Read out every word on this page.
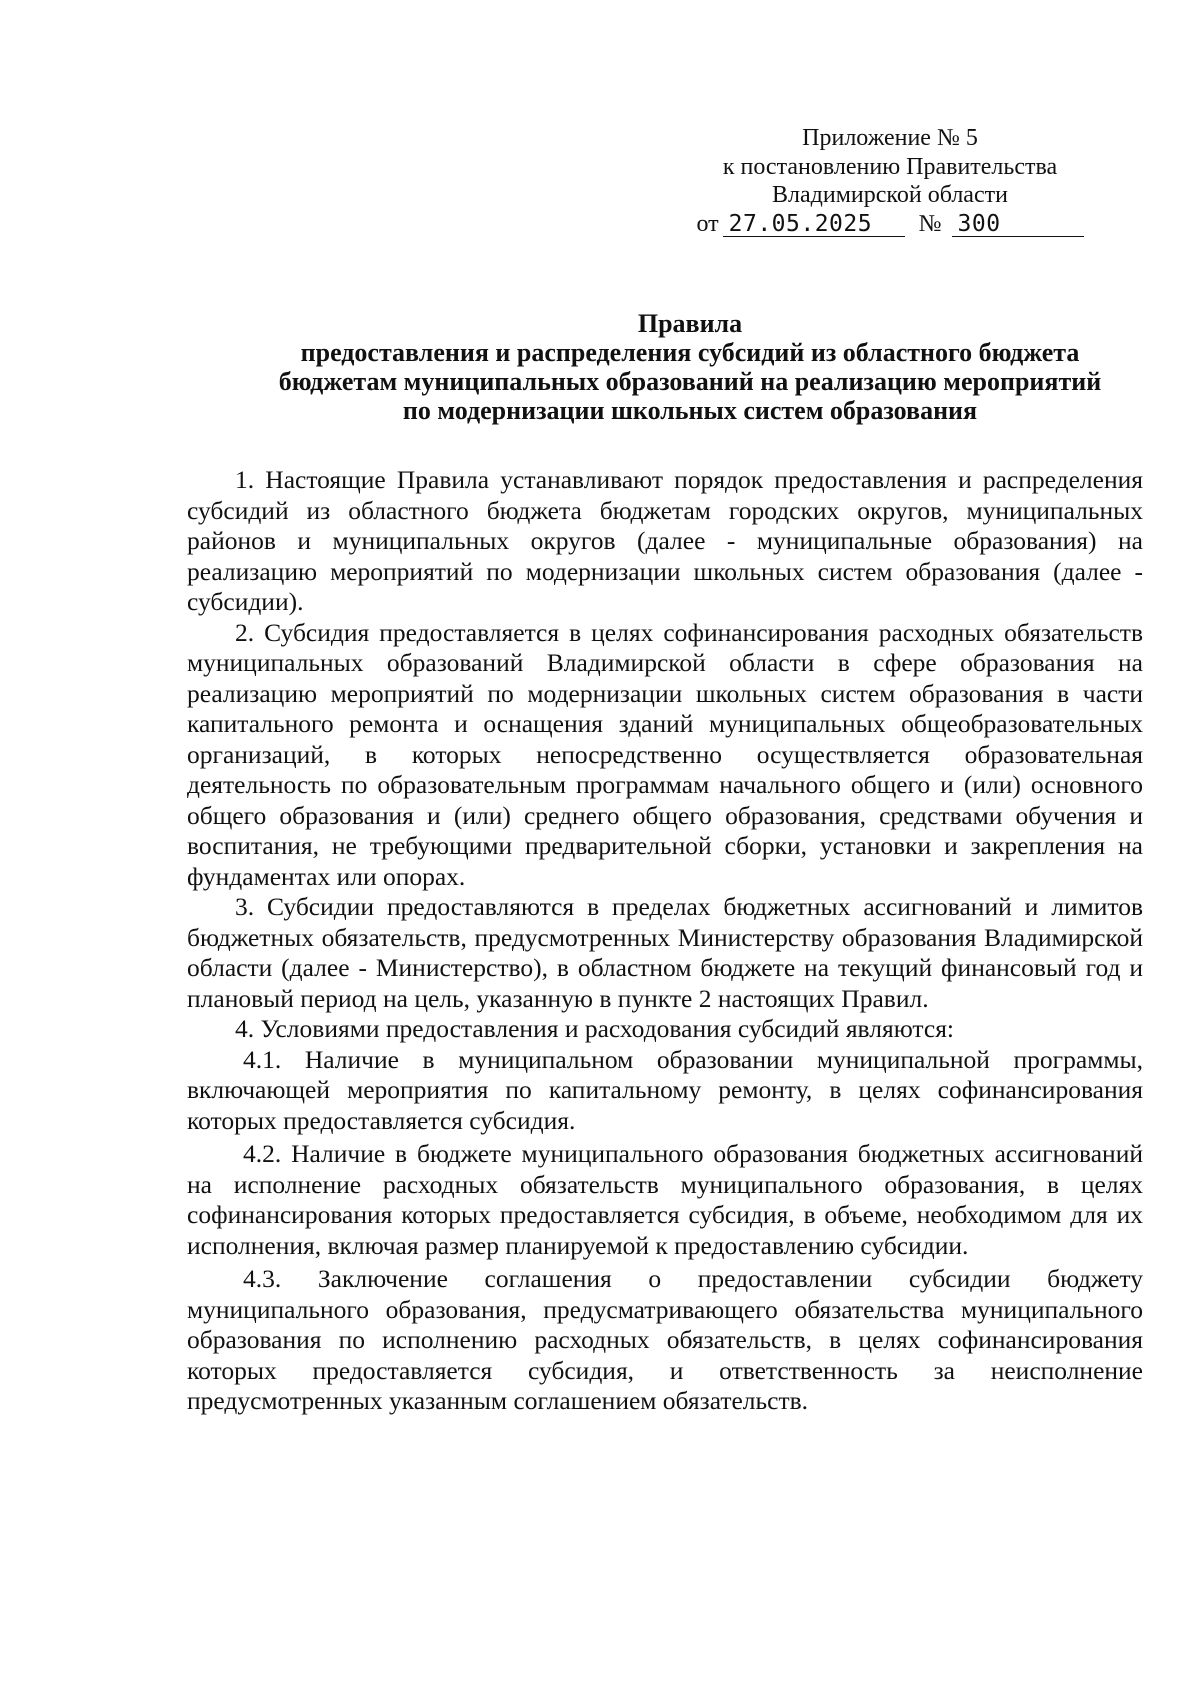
Приложение № 5
к постановлению Правительства
Владимирской области
от 27.05.2025	№ 300
Правила
предоставления и распределения субсидий из областного бюджета
бюджетам муниципальных образований на реализацию мероприятий
по модернизации школьных систем образования

1. Настоящие Правила устанавливают порядок предоставления и распределения субсидий из областного бюджета бюджетам городских округов, муниципальных районов и муниципальных округов (далее - муниципальные образования) на реализацию мероприятий по модернизации школьных систем образования (далее - субсидии).

2. Субсидия предоставляется в целях софинансирования расходных обязательств муниципальных образований Владимирской области в сфере образования на реализацию мероприятий по модернизации школьных систем образования в части капитального ремонта и оснащения зданий муниципальных общеобразовательных организаций, в которых непосредственно осуществляется образовательная деятельность по образовательным программам начального общего и (или) основного общего образования и (или) среднего общего образования, средствами обучения и воспитания, не требующими предварительной сборки, установки и закрепления на фундаментах или опорах.

3. Субсидии предоставляются в пределах бюджетных ассигнований и лимитов бюджетных обязательств, предусмотренных Министерству образования Владимирской области (далее - Министерство), в областном бюджете на текущий финансовый год и плановый период на цель, указанную в пункте 2 настоящих Правил.

4. Условиями предоставления и расходования субсидий являются:

4.1. Наличие в муниципальном образовании муниципальной программы, включающей мероприятия по капитальному ремонту, в целях софинансирования которых предоставляется субсидия.

4.2. Наличие в бюджете муниципального образования бюджетных ассигнований на исполнение расходных обязательств муниципального образования, в целях софинансирования которых предоставляется субсидия, в объеме, необходимом для их исполнения, включая размер планируемой к предоставлению субсидии.

4.3. Заключение соглашения о предоставлении субсидии бюджету муниципального образования, предусматривающего обязательства муниципального образования по исполнению расходных обязательств, в целях софинансирования которых предоставляется субсидия, и ответственность за неисполнение предусмотренных указанным соглашением обязательств.
